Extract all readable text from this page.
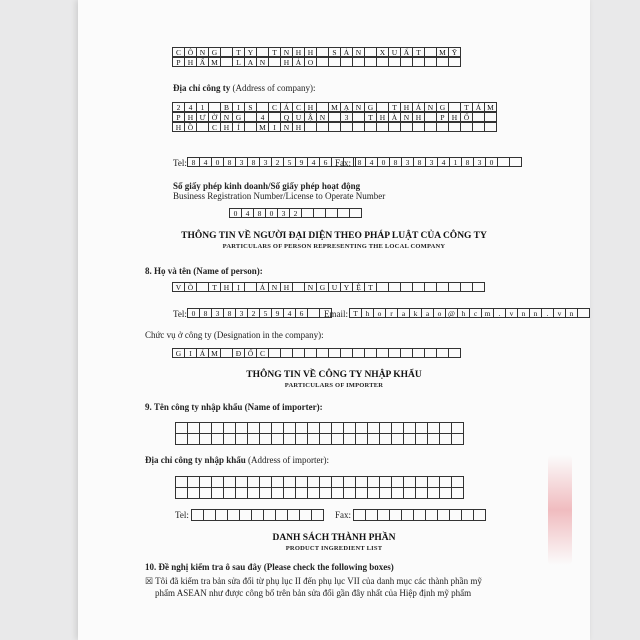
C Ô N G	T Y	T N H H	S Ả N	X U Ấ T	M Ỹ
P H Ẩ M	L A N	H Ả O
Địa chỉ công ty (Address of company):
2	4	1	B	I	S	C Á C H	M Ạ N G	T H Á N G	T Á M
P H Ư Ờ N G	4	Q U Ậ N	3	T H À N H	P H Ố
H Ồ	C H	Í	M I	N H
Tel: 8	4	0	8	3	8	3	2	5	9	4	6 Fax: 8	4	0	8	3	8	3	4	1	8	3	0
Số giấy phép kinh doanh/Số giấy phép hoạt động
Business Registration Number/License to Operate Number
0	4	8	0	3	2
THÔNG TIN VỀ NGƯỜI ĐẠI DIỆN THEO PHÁP LUẬT CỦA CÔNG TY
PARTICULARS OF PERSON REPRESENTING THE LOCAL COMPANY
8. Họ và tên (Name of person):
V Õ	T H	Ị	Á N H	N G U Y Ệ T
Tel: 0	8	3	8	3	2	5	9	4	6	Email: T	h	o	r	a	k	a	o @ h	c m	.	v	n	n	.	v	n
Chức vụ ở công ty (Designation in the company):
G	I	Á M	Đ Ố C
THÔNG TIN VỀ CÔNG TY NHẬP KHẨU
PARTICULARS OF IMPORTER
9. Tên công ty nhập khẩu (Name of importer):
Địa chỉ công ty nhập khẩu (Address of importer):
Tel:	Fax:
DANH SÁCH THÀNH PHẦN
PRODUCT INGREDIENT LIST
10. Đề nghị kiểm tra ô sau đây (Please check the following boxes)
☒ Tôi đã kiểm tra bản sửa đổi từ phụ lục II đến phụ lục VII của danh mục các thành phần mỹ
phẩm ASEAN như được công bố trên bản sửa đổi gần đây nhất của Hiệp định mỹ phẩm
